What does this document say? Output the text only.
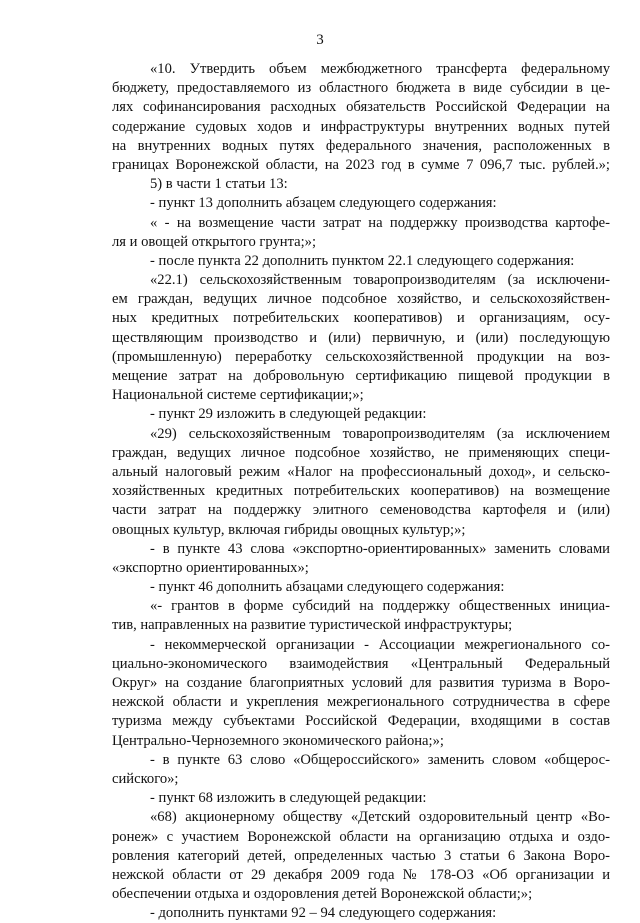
3
«10. Утвердить объем межбюджетного трансферта федеральному
бюджету, предоставляемого из областного бюджета в виде субсидии в це-
лях софинансирования расходных обязательств Российской Федерации на
содержание судовых ходов и инфраструктуры внутренних водных путей
на внутренних водных путях федерального значения, расположенных в
границах Воронежской области, на 2023 год в сумме 7 096,7 тыс. рублей.»;
5) в части 1 статьи 13:
- пункт 13 дополнить абзацем следующего содержания:
« - на возмещение части затрат на поддержку производства картофе-
ля и овощей открытого грунта;»;
- после пункта 22 дополнить пунктом 22.1 следующего содержания:
«22.1) сельскохозяйственным товаропроизводителям (за исключени-
ем граждан, ведущих личное подсобное хозяйство, и сельскохозяйствен-
ных кредитных потребительских кооперативов) и организациям, осу-
ществляющим производство и (или) первичную, и (или) последующую
(промышленную) переработку сельскохозяйственной продукции на воз-
мещение затрат на добровольную сертификацию пищевой продукции в
Национальной системе сертификации;»;
- пункт 29 изложить в следующей редакции:
«29) сельскохозяйственным товаропроизводителям (за исключением
граждан, ведущих личное подсобное хозяйство, не применяющих специ-
альный налоговый режим «Налог на профессиональный доход», и сельско-
хозяйственных кредитных потребительских кооперативов) на возмещение
части затрат на поддержку элитного семеноводства картофеля и (или)
овощных культур, включая гибриды овощных культур;»;
- в пункте 43 слова «экспортно-ориентированных» заменить словами
«экспортно ориентированных»;
- пункт 46 дополнить абзацами следующего содержания:
«- грантов в форме субсидий на поддержку общественных инициа-
тив, направленных на развитие туристической инфраструктуры;
- некоммерческой организации - Ассоциации межрегионального со-
циально-экономического взаимодействия «Центральный Федеральный
Округ» на создание благоприятных условий для развития туризма в Воро-
нежской области и укрепления межрегионального сотрудничества в сфере
туризма между субъектами Российской Федерации, входящими в состав
Центрально-Черноземного экономического района;»;
- в пункте 63 слово «Общероссийского» заменить словом «общерос-
сийского»;
- пункт 68 изложить в следующей редакции:
«68) акционерному обществу «Детский оздоровительный центр «Во-
ронеж» с участием Воронежской области на организацию отдыха и оздо-
ровления категорий детей, определенных частью 3 статьи 6 Закона Воро-
нежской области от 29 декабря 2009 года № 178-ОЗ «Об организации и
обеспечении отдыха и оздоровления детей Воронежской области;»;
- дополнить пунктами 92 – 94 следующего содержания:
